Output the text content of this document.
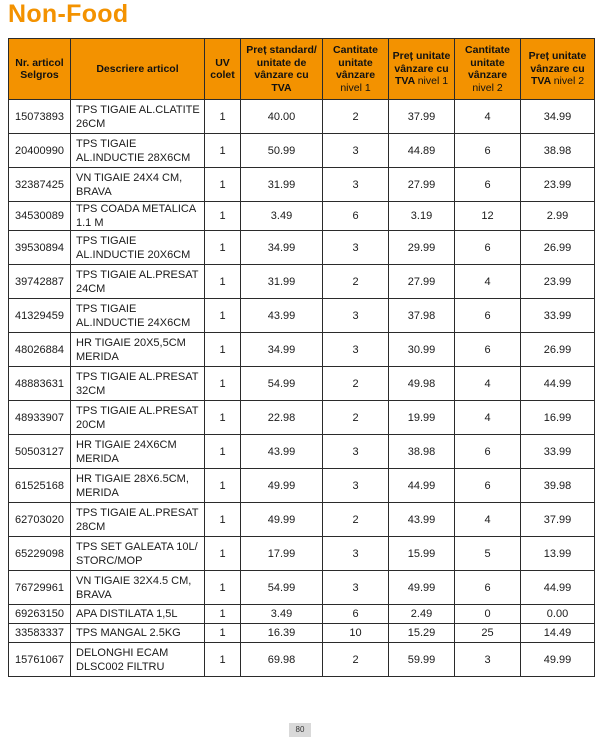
Non-Food
Nr. articol Selgros	Descriere articol	UV colet	Preț standard/ unitate de vânzare cu TVA	Cantitate unitate vânzare nivel 1	Preț unitate vânzare cu TVA nivel 1	Cantitate unitate vânzare nivel 2	Preț unitate vânzare cu TVA nivel 2
15073893	TPS TIGAIE AL.CLATITE 26CM	1	40.00	2	37.99	4	34.99
20400990	TPS TIGAIE AL.INDUCTIE 28X6CM	1	50.99	3	44.89	6	38.98
32387425	VN TIGAIE 24X4 CM, BRAVA	1	31.99	3	27.99	6	23.99
34530089	TPS COADA METALICA 1.1 M	1	3.49	6	3.19	12	2.99
39530894	TPS TIGAIE AL.INDUCTIE 20X6CM	1	34.99	3	29.99	6	26.99
39742887	TPS TIGAIE AL.PRESAT 24CM	1	31.99	2	27.99	4	23.99
41329459	TPS TIGAIE AL.INDUCTIE 24X6CM	1	43.99	3	37.98	6	33.99
48026884	HR TIGAIE 20X5,5CM MERIDA	1	34.99	3	30.99	6	26.99
48883631	TPS TIGAIE AL.PRESAT 32CM	1	54.99	2	49.98	4	44.99
48933907	TPS TIGAIE AL.PRESAT 20CM	1	22.98	2	19.99	4	16.99
50503127	HR TIGAIE 24X6CM MERIDA	1	43.99	3	38.98	6	33.99
61525168	HR TIGAIE 28X6.5CM, MERIDA	1	49.99	3	44.99	6	39.98
62703020	TPS TIGAIE AL.PRESAT 28CM	1	49.99	2	43.99	4	37.99
65229098	TPS SET GALEATA 10L/ STORC/MOP	1	17.99	3	15.99	5	13.99
76729961	VN TIGAIE 32X4.5 CM, BRAVA	1	54.99	3	49.99	6	44.99
69263150	APA DISTILATA 1,5L	1	3.49	6	2.49	0	0.00
33583337	TPS MANGAL 2.5KG	1	16.39	10	15.29	25	14.49
15761067	DELONGHI ECAM DLSC002 FILTRU	1	69.98	2	59.99	3	49.99
80
